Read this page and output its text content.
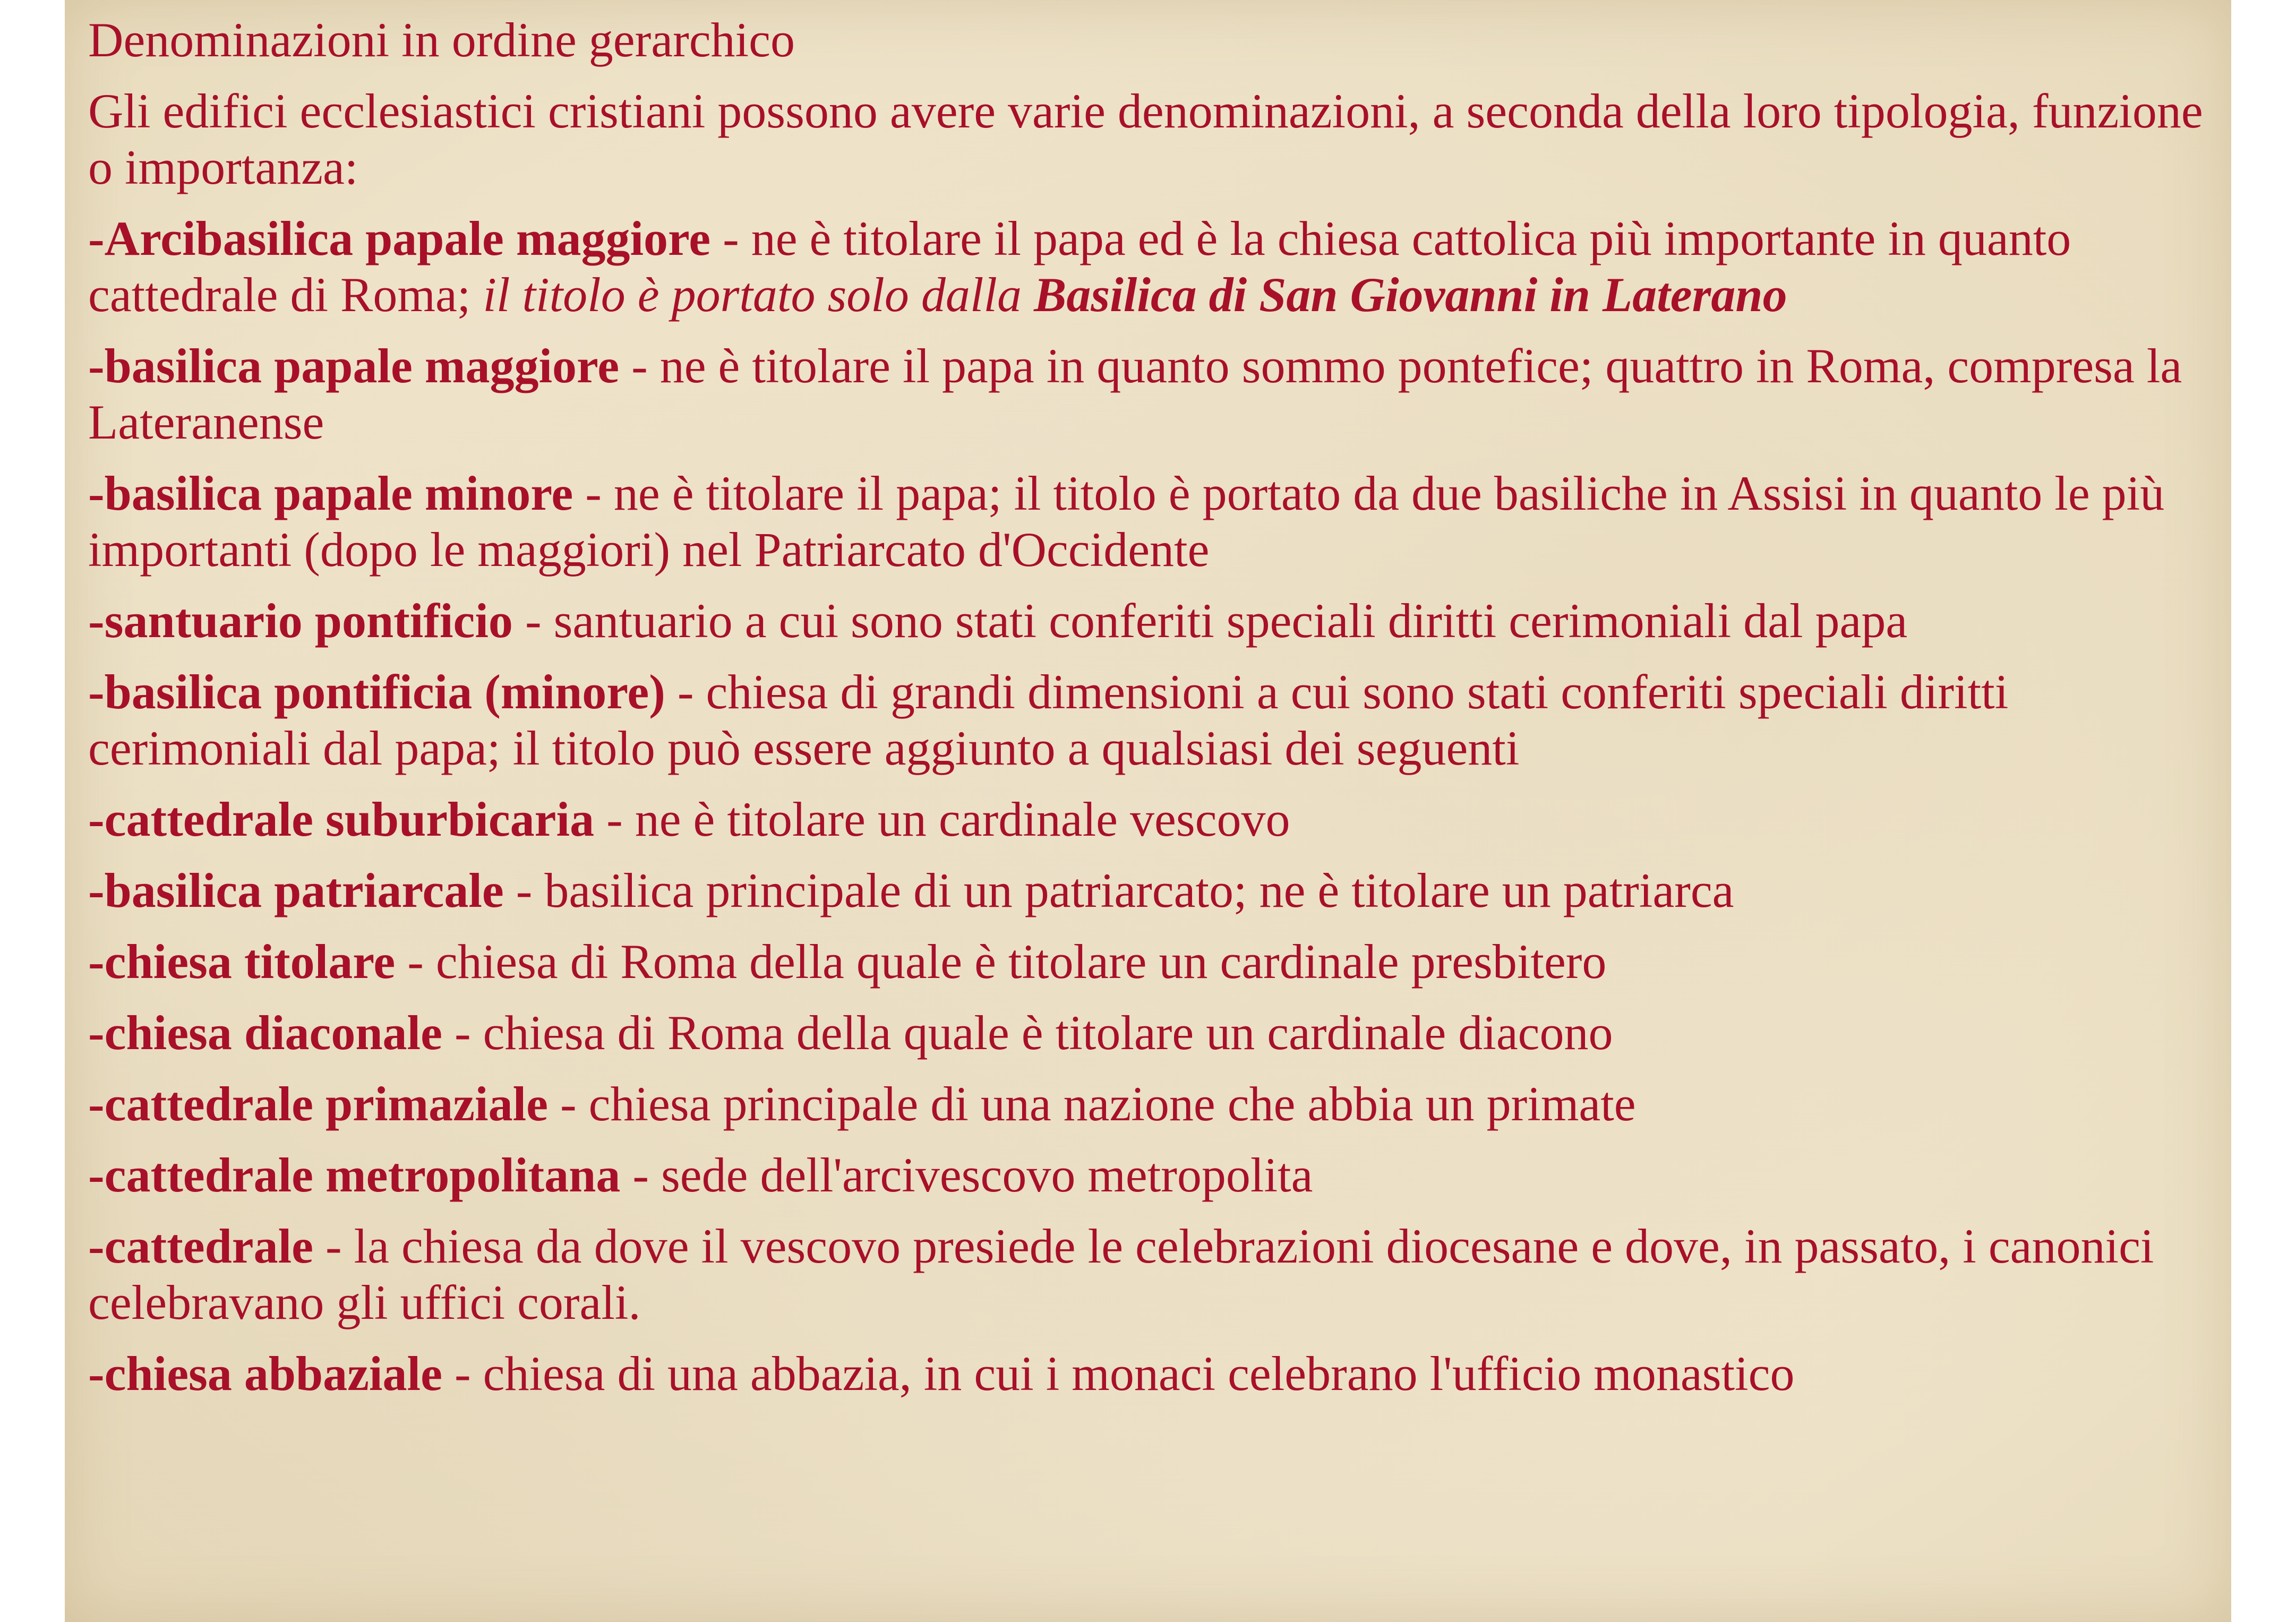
Denominazioni in ordine gerarchico

Gli edifici ecclesiastici cristiani possono avere varie denominazioni, a seconda della loro tipologia, funzione o importanza:

-Arcibasilica papale maggiore - ne è titolare il papa ed è la chiesa cattolica più importante in quanto cattedrale di Roma; il titolo è portato solo dalla Basilica di San Giovanni in Laterano

-basilica papale maggiore - ne è titolare il papa in quanto sommo pontefice; quattro in Roma, compresa la Lateranense

-basilica papale minore - ne è titolare il papa; il titolo è portato da due basiliche in Assisi in quanto le più importanti (dopo le maggiori) nel Patriarcato d'Occidente

-santuario pontificio - santuario a cui sono stati conferiti speciali diritti cerimoniali dal papa

-basilica pontificia (minore) - chiesa di grandi dimensioni a cui sono stati conferiti speciali diritti cerimoniali dal papa; il titolo può essere aggiunto a qualsiasi dei seguenti

-cattedrale suburbicaria - ne è titolare un cardinale vescovo

-basilica patriarcale - basilica principale di un patriarcato; ne è titolare un patriarca

-chiesa titolare - chiesa di Roma della quale è titolare un cardinale presbitero

-chiesa diaconale - chiesa di Roma della quale è titolare un cardinale diacono

-cattedrale primaziale - chiesa principale di una nazione che abbia un primate

-cattedrale metropolitana - sede dell'arcivescovo metropolita

-cattedrale - la chiesa da dove il vescovo presiede le celebrazioni diocesane e dove, in passato, i canonici celebravano gli uffici corali.

-chiesa abbaziale - chiesa di una abbazia, in cui i monaci celebrano l'ufficio monastico
